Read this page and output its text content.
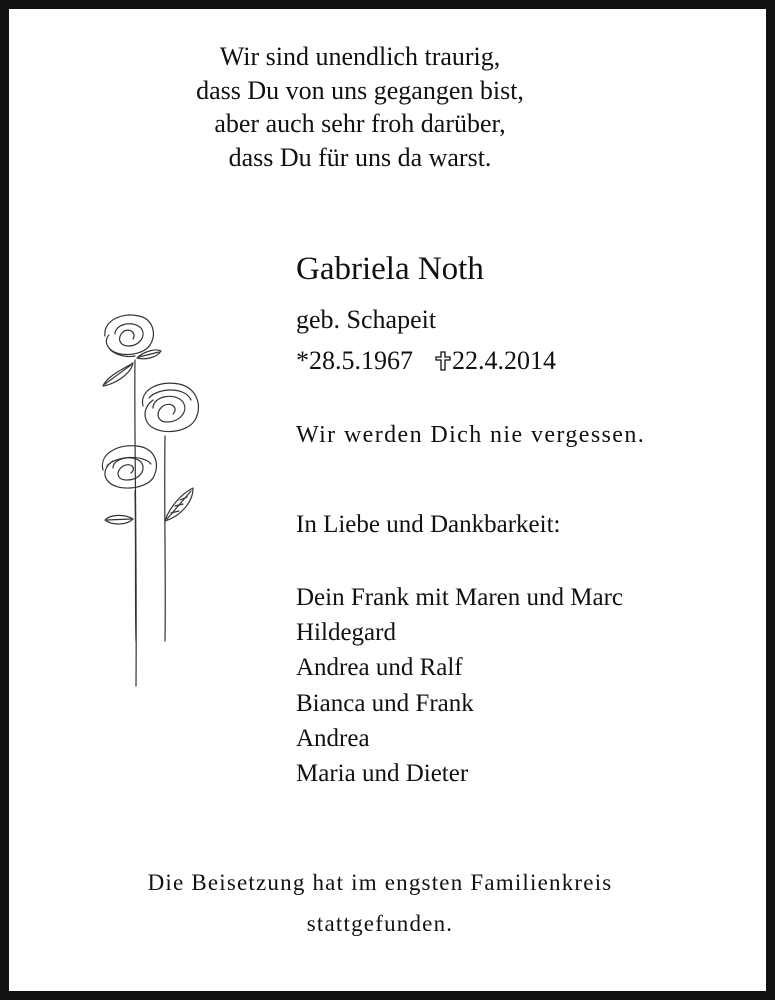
Wir sind unendlich traurig,
dass Du von uns gegangen bist,
aber auch sehr froh darüber,
dass Du für uns da warst.
Gabriela Noth
geb. Schapeit
*28.5.1967 22.4.2014
Wir werden Dich nie vergessen.
In Liebe und Dankbarkeit:
Dein Frank mit Maren und Marc
Hildegard
Andrea und Ralf
Bianca und Frank
Andrea
Maria und Dieter
Die Beisetzung hat im engsten Familienkreis
stattgefunden.
